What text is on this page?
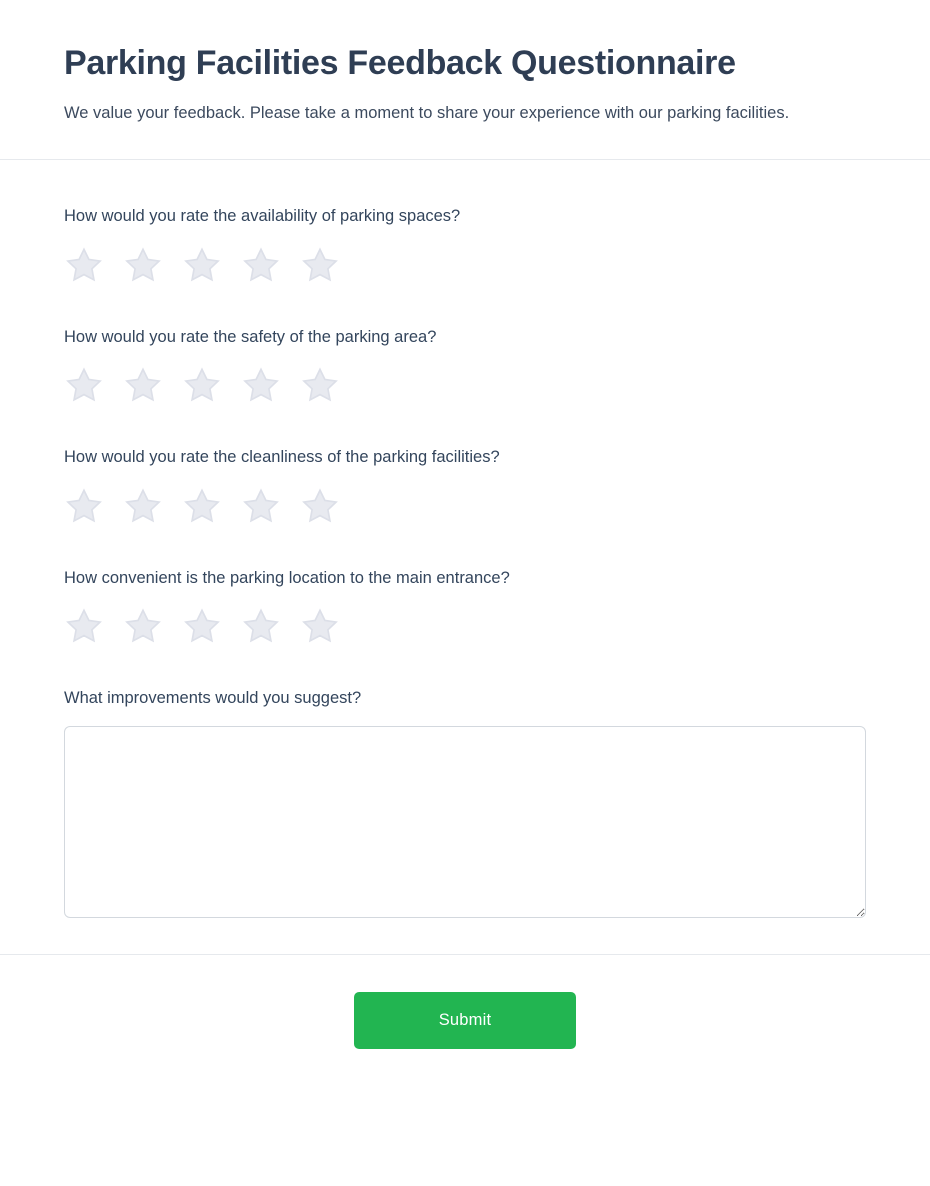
Parking Facilities Feedback Questionnaire

We value your feedback. Please take a moment to share your experience with our parking facilities.

How would you rate the availability of parking spaces?
How would you rate the safety of the parking area?
How would you rate the cleanliness of the parking facilities?
How convenient is the parking location to the main entrance?
What improvements would you suggest?
Submit
